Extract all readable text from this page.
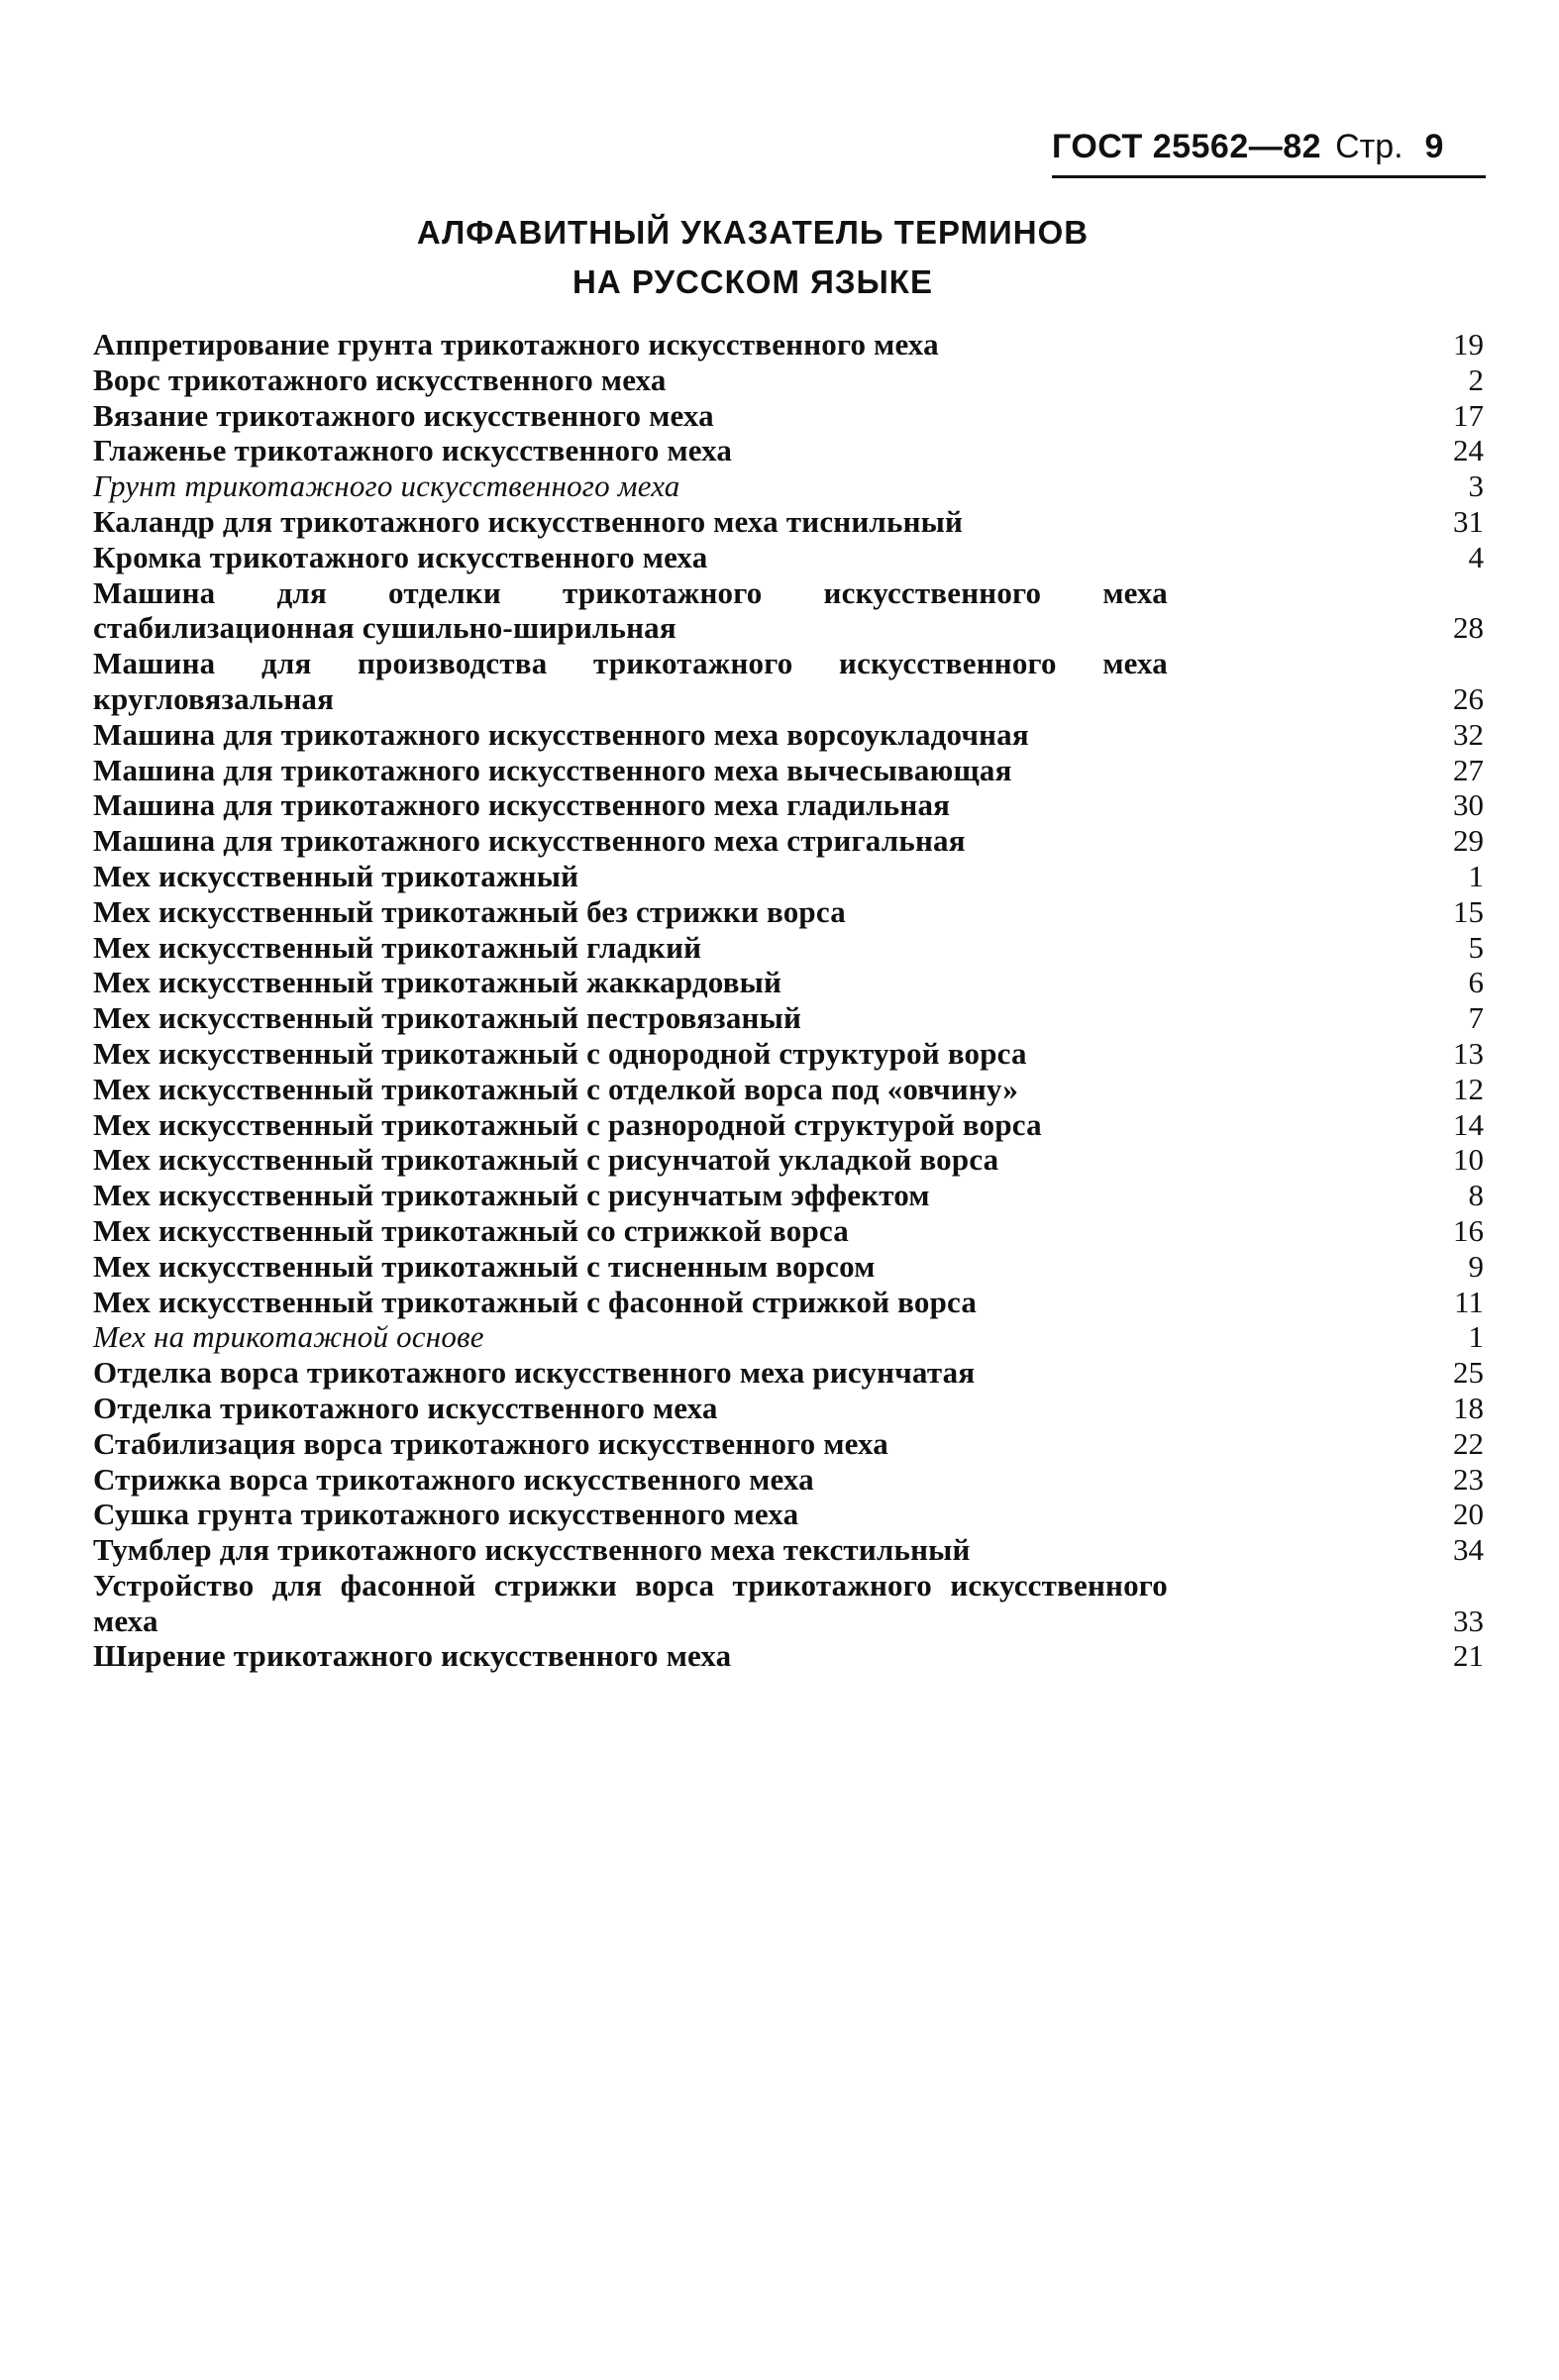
ГОСТ 25562—82 Стр. 9
АЛФАВИТНЫЙ УКАЗАТЕЛЬ ТЕРМИНОВ
НА РУССКОМ ЯЗЫКЕ
Аппретирование грунта трикотажного искусственного меха	19
Ворс трикотажного искусственного меха	2
Вязание трикотажного искусственного меха	17
Глаженье трикотажного искусственного меха	24
Грунт трикотажного искусственного меха	3
Каландр для трикотажного искусственного меха тиснильный	31
Кромка трикотажного искусственного меха	4
Машина для отделки трикотажного искусственного меха стабилизационная сушильно-ширильная	28
Машина для производства трикотажного искусственного меха кругловязальная	26
Машина для трикотажного искусственного меха ворсоукладочная	32
Машина для трикотажного искусственного меха вычесывающая	27
Машина для трикотажного искусственного меха гладильная	30
Машина для трикотажного искусственного меха стригальная	29
Мех искусственный трикотажный	1
Мех искусственный трикотажный без стрижки ворса	15
Мех искусственный трикотажный гладкий	5
Мех искусственный трикотажный жаккардовый	6
Мех искусственный трикотажный пестровязаный	7
Мех искусственный трикотажный с однородной структурой ворса	13
Мех искусственный трикотажный с отделкой ворса под «овчину»	12
Мех искусственный трикотажный с разнородной структурой ворса	14
Мех искусственный трикотажный с рисунчатой укладкой ворса	10
Мех искусственный трикотажный с рисунчатым эффектом	8
Мех искусственный трикотажный со стрижкой ворса	16
Мех искусственный трикотажный с тисненным ворсом	9
Мех искусственный трикотажный с фасонной стрижкой ворса	11
Мех на трикотажной основе	1
Отделка ворса трикотажного искусственного меха рисунчатая	25
Отделка трикотажного искусственного меха	18
Стабилизация ворса трикотажного искусственного меха	22
Стрижка ворса трикотажного искусственного меха	23
Сушка грунта трикотажного искусственного меха	20
Тумблер для трикотажного искусственного меха текстильный	34
Устройство для фасонной стрижки ворса трикотажного искусственного меха	33
Ширение трикотажного искусственного меха	21
